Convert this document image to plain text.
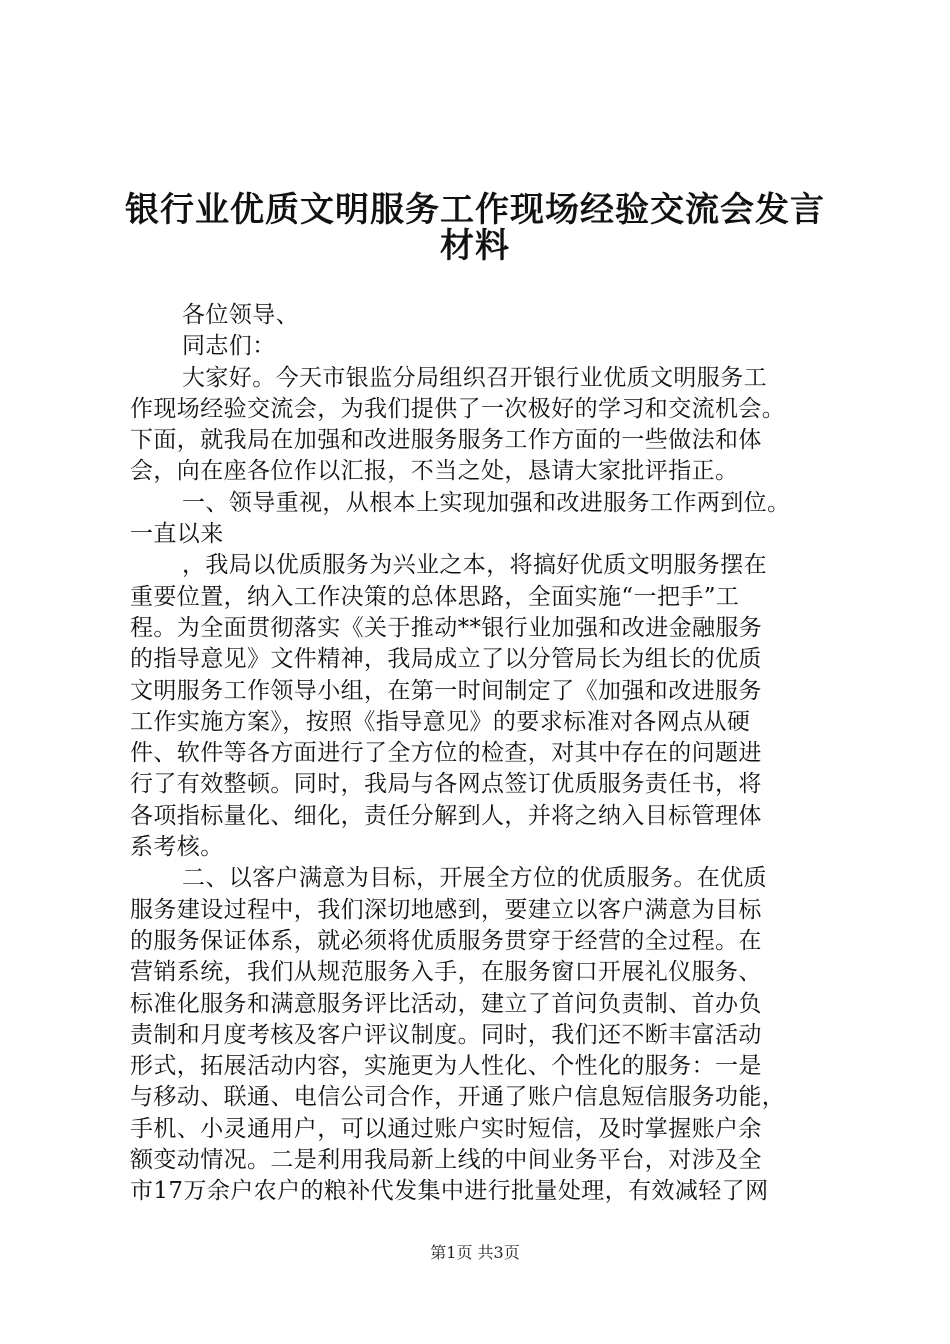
银行业优质文明服务工作现场经验交流会发言
材料
各位领导、
同志们：
大家好。今天市银监分局组织召开银行业优质文明服务工
作现场经验交流会，为我们提供了一次极好的学习和交流机会。
下面，就我局在加强和改进服务服务工作方面的一些做法和体
会，向在座各位作以汇报，不当之处，恳请大家批评指正。
一、领导重视，从根本上实现加强和改进服务工作两到位。
一直以来
，我局以优质服务为兴业之本，将搞好优质文明服务摆在
重要位置，纳入工作决策的总体思路，全面实施“一把手”工
程。为全面贯彻落实《关于推动**银行业加强和改进金融服务
的指导意见》文件精神，我局成立了以分管局长为组长的优质
文明服务工作领导小组，在第一时间制定了《加强和改进服务
工作实施方案》，按照《指导意见》的要求标准对各网点从硬
件、软件等各方面进行了全方位的检查，对其中存在的问题进
行了有效整顿。同时，我局与各网点签订优质服务责任书，将
各项指标量化、细化，责任分解到人，并将之纳入目标管理体
系考核。
二、以客户满意为目标，开展全方位的优质服务。在优质
服务建设过程中，我们深切地感到，要建立以客户满意为目标
的服务保证体系，就必须将优质服务贯穿于经营的全过程。在
营销系统，我们从规范服务入手，在服务窗口开展礼仪服务、
标准化服务和满意服务评比活动，建立了首问负责制、首办负
责制和月度考核及客户评议制度。同时，我们还不断丰富活动
形式，拓展活动内容，实施更为人性化、个性化的服务：一是
与移动、联通、电信公司合作，开通了账户信息短信服务功能，
手机、小灵通用户，可以通过账户实时短信，及时掌握账户余
额变动情况。二是利用我局新上线的中间业务平台，对涉及全
市17万余户农户的粮补代发集中进行批量处理，有效减轻了网
第1页 共3页
